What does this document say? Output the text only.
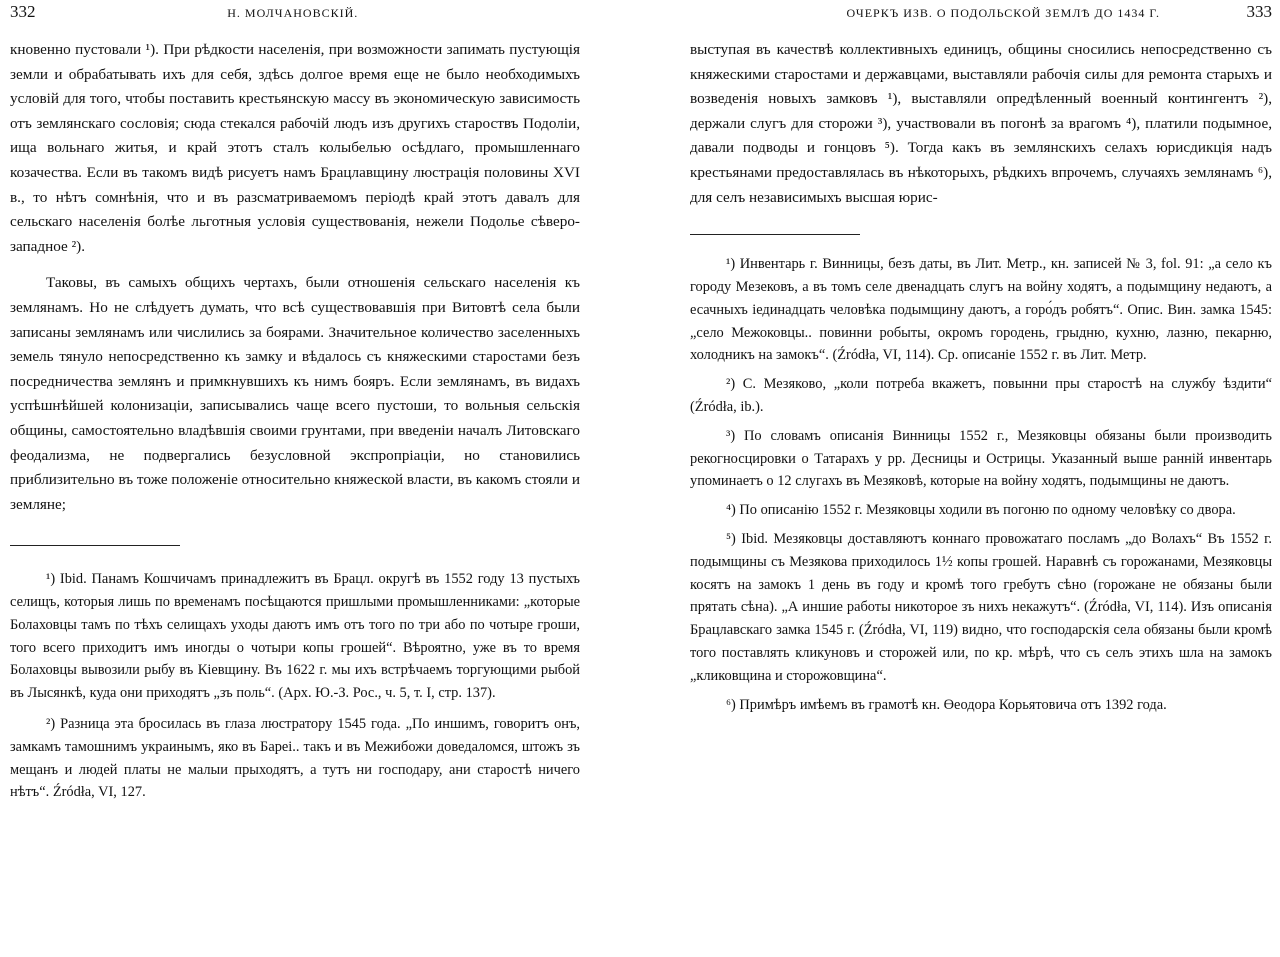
332	Н. МОЛЧАНОВСКІЙ.

кновенно пустовали ¹). При рѣдкости населенія, при возможности запимать пустующія земли и обрабатывать ихъ для себя, здѣсь долгое время еще не было необходимыхъ условій для того, чтобы поставить крестьянскую массу въ экономическую зависимость отъ землянскаго сословія; сюда стекался рабочій людъ изъ другихъ староствъ Подоліи, ища вольнаго житья, и край этотъ сталъ колыбелью осѣдлаго, промышленнаго козачества. Если въ такомъ видѣ рисуетъ намъ Брацлавщину люстрація половины XVI в., то нѣтъ сомнѣнія, что и въ разсматриваемомъ періодѣ край этотъ давалъ для сельскаго населенія болѣе льготныя условія существованія, нежели Подолье сѣверо-западное ²).

Таковы, въ самыхъ общихъ чертахъ, были отношенія сельскаго населенія къ землянамъ. Но не слѣдуетъ думать, что всѣ существовавшія при Витовтѣ села были записаны землянамъ или числились за боярами. Значительное количество заселенныхъ земель тянуло непосредственно къ замку и вѣдалось съ княжескими старостами безъ посредничества землянъ и примкнувшихъ къ нимъ бояръ. Если землянамъ, въ видахъ успѣшнѣйшей колонизаціи, записывались чаще всего пустоши, то вольныя сельскія общины, самостоятельно владѣвшія своими грунтами, при введеніи началъ Литовскаго феодализма, не подвергались безусловной экспропріаціи, но становились приблизительно въ тоже положеніе относительно княжеской власти, въ какомъ стояли и земляне;

¹) Ibid. Панамъ Кошчичамъ принадлежитъ въ Брацл. округѣ въ 1552 году 13 пустыхъ селищъ, которыя лишь по временамъ посѣщаются пришлыми промышленниками: „которые Болаховцы тамъ по тѣхъ селищахъ уходы даютъ имъ отъ того по три або по чотыре гроши, того всего приходитъ имъ иногды о чотыри копы грошей“. Вѣроятно, уже въ то время Болаховцы вывозили рыбу въ Кіевщину. Въ 1622 г. мы ихъ встрѣчаемъ торгующими рыбой въ Лысянкѣ, куда они приходятъ „зъ поль“. (Арх. Ю.-З. Рос., ч. 5, т. I, стр. 137).

²) Разница эта бросилась въ глаза люстратору 1545 года. „По иншимъ, говоритъ онъ, замкамъ тамошнимъ украинымъ, яко въ Бареі.. такъ и въ Межибожи доведаломся, штожъ зъ мещанъ и людей платы не малыи прыходятъ, а тутъ ни господару, ани старостѣ ничего нѣтъ“. Źródła, VI, 127.

ОЧЕРКЪ ИЗВ. О ПОДОЛЬСКОЙ ЗЕМЛѢ ДО 1434 Г.	333

выступая въ качествѣ коллективныхъ единицъ, общины сносились непосредственно съ княжескими старостами и державцами, выставляли рабочія силы для ремонта старыхъ и возведенія новыхъ замковъ ¹), выставляли опредѣленный военный контингентъ ²), держали слугъ для сторожи ³), участвовали въ погонѣ за врагомъ ⁴), платили подымное, давали подводы и гонцовъ ⁵). Тогда какъ въ землянскихъ селахъ юрисдикція надъ крестьянами предоставлялась въ нѣкоторыхъ, рѣдкихъ впрочемъ, случаяхъ землянамъ ⁶), для селъ независимыхъ высшая юрис-

¹) Инвентарь г. Винницы, безъ даты, въ Лит. Метр., кн. записей № 3, fol. 91: „а село къ городу Мезековъ, а въ томъ селе двенадцать слугъ на войну ходятъ, а подымщину недаютъ, а есачныхъ іединадцать человѣка подымщину даютъ, а горо́дъ робятъ“. Опис. Вин. замка 1545: „село Межоковцы.. повинни робыты, окромъ городень, грыдню, кухню, лазню, пекарню, холодникъ на замокъ“. (Źródła, VI, 114). Ср. описаніе 1552 г. въ Лит. Метр.

²) С. Мезяково, „коли потреба вкажетъ, повынни пры старостѣ на службу ѣздити“ (Źródła, ib.).

³) По словамъ описанія Винницы 1552 г., Мезяковцы обязаны были производить рекогносцировки о Татарахъ у рр. Десницы и Острицы. Указанный выше ранній инвентарь упоминаетъ о 12 слугахъ въ Мезяковѣ, которые на войну ходятъ, подымщины не даютъ.

⁴) По описанію 1552 г. Мезяковцы ходили въ погоню по одному человѣку со двора.

⁵) Ibid. Мезяковцы доставляютъ коннаго провожатаго посламъ „до Волахъ“ Въ 1552 г. подымщины съ Мезякова приходилось 1½ копы грошей. Наравнѣ съ горожанами, Мезяковцы косятъ на замокъ 1 день въ году и кромѣ того гребутъ сѣно (горожане не обязаны были прятать сѣна). „А иншие работы никоторое зъ нихъ некажутъ“. (Źródła, VI, 114). Изъ описанія Брацлавскаго замка 1545 г. (Źródła, VI, 119) видно, что господарскія села обязаны были кромѣ того поставлять кликуновъ и сторожей или, по кр. мѣрѣ, что съ селъ этихъ шла на замокъ „кликовщина и сторожовщина“.

⁶) Примѣръ имѣемъ въ грамотѣ кн. Өеодора Корьятовича отъ 1392 года.
